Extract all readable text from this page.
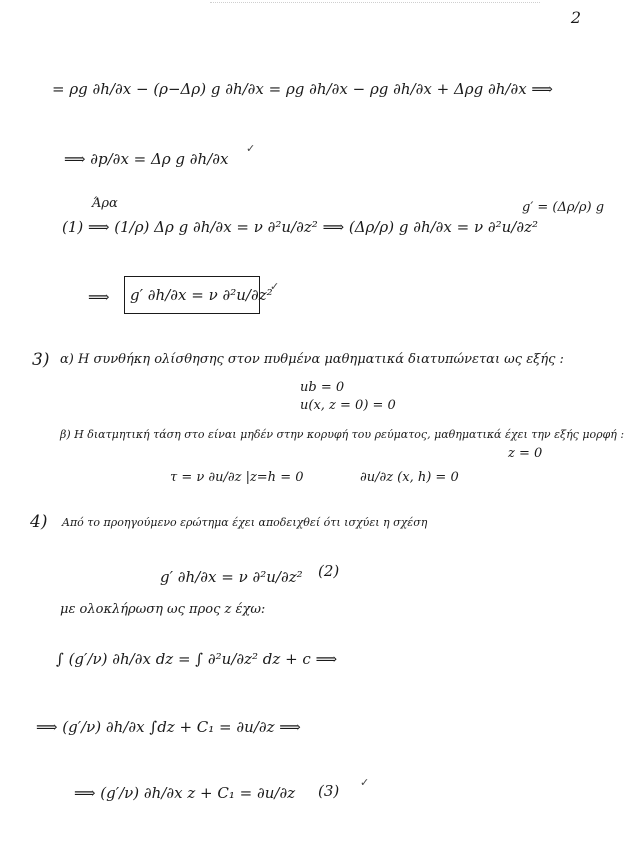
2
= ρg ∂h/∂x − (ρ−Δρ) g ∂h/∂x = ρg ∂h/∂x − ρg ∂h/∂x + Δρg ∂h/∂x ⟹
⟹ ∂p/∂x = Δρ g ∂h/∂x
✓
Άρα
(1) ⟹ (1/ρ) Δρ g ∂h/∂x = ν ∂²u/∂z² ⟹ (Δρ/ρ) g ∂h/∂x = ν ∂²u/∂z²
g′ = (Δρ/ρ) g
⟹ g′ ∂h/∂x = ν ∂²u/∂z²
✓
3) α) Η συνθήκη ολίσθησης στον πυθμένα μαθηματικά διατυπώνεται ως εξής :
ub = 0
u(x, z = 0) = 0
β) Η διατμητική τάση στο είναι μηδέν στην κορυφή του ρεύματος, μαθηματικά έχει την εξής μορφή :
z = 0
τ = ν ∂u/∂z |z=h = 0	∂u/∂z (x, h) = 0
4) Από το προηγούμενο ερώτημα έχει αποδειχθεί ότι ισχύει η σχέση
g′ ∂h/∂x = ν ∂²u/∂z² (2)
με ολοκλήρωση ως προς z έχω:
∫ (g′/ν) ∂h/∂x dz = ∫ ∂²u/∂z² dz + c ⟹
⟹ (g′/ν) ∂h/∂x ∫dz + C₁ = ∂u/∂z ⟹
⟹ (g′/ν) ∂h/∂x z + C₁ = ∂u/∂z (3) ✓
